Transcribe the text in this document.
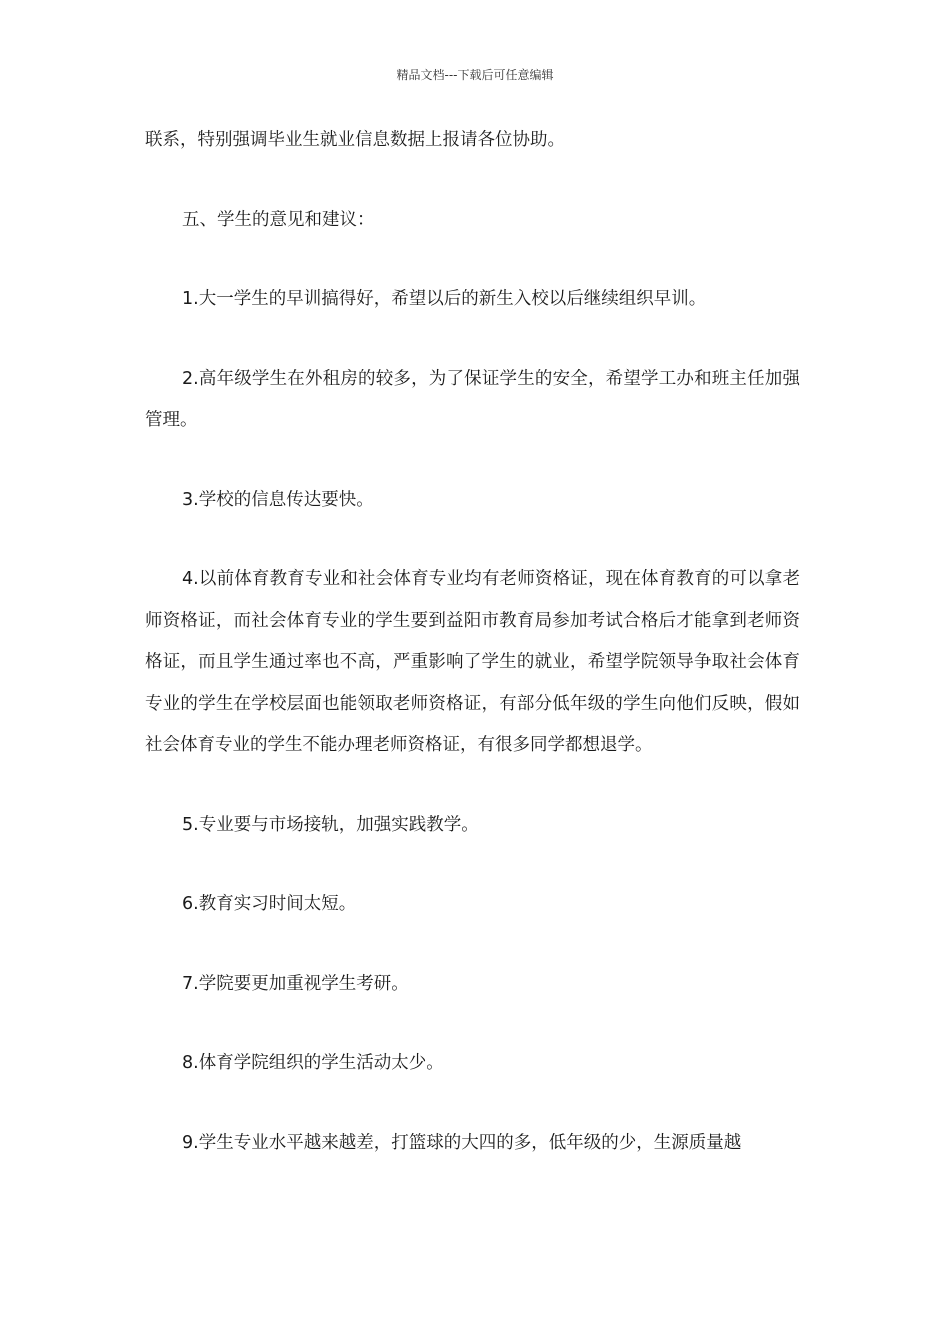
精品文档---下载后可任意编辑

联系，特别强调毕业生就业信息数据上报请各位协助。

五、学生的意见和建议：

1.大一学生的早训搞得好，希望以后的新生入校以后继续组织早训。

2.高年级学生在外租房的较多，为了保证学生的安全，希望学工办和班主任加强管理。

3.学校的信息传达要快。

4.以前体育教育专业和社会体育专业均有老师资格证，现在体育教育的可以拿老师资格证，而社会体育专业的学生要到益阳市教育局参加考试合格后才能拿到老师资格证，而且学生通过率也不高，严重影响了学生的就业，希望学院领导争取社会体育专业的学生在学校层面也能领取老师资格证，有部分低年级的学生向他们反映，假如社会体育专业的学生不能办理老师资格证，有很多同学都想退学。

5.专业要与市场接轨，加强实践教学。

6.教育实习时间太短。

7.学院要更加重视学生考研。

8.体育学院组织的学生活动太少。

9.学生专业水平越来越差，打篮球的大四的多，低年级的少，生源质量越
